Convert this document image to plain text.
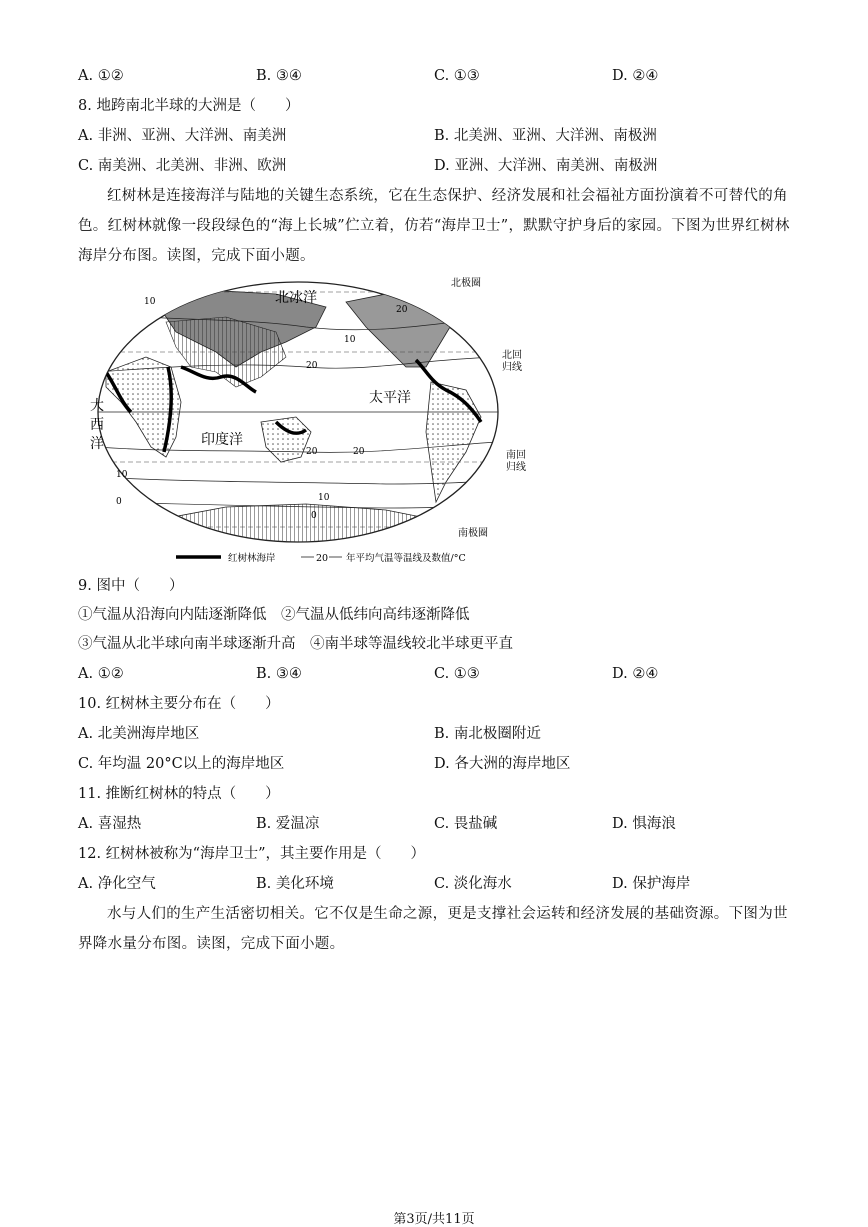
A. ①②	B. ③④	C. ①③	D. ②④
8. 地跨南北半球的大洲是（　　）
A. 非洲、亚洲、大洋洲、南美洲	B. 北美洲、亚洲、大洋洲、南极洲
C. 南美洲、北美洲、非洲、欧洲	D. 亚洲、大洋洲、南美洲、南极洲
红树林是连接海洋与陆地的关键生态系统，它在生态保护、经济发展和社会福祉方面扮演着不可替代的角色。红树林就像一段段绿色的“海上长城”伫立着，仿若“海岸卫士”，默默守护身后的家园。下图为世界红树林海岸分布图。读图，完成下面小题。
北冰洋
北极圈
北回
归线
太平洋
大
西
洋	印度洋
南回
归线
南极圈
10
10
20
20
20
20
10
0
10
0
红树林海岸	20 年平均气温等温线及数值/°C
9. 图中（　　）
①气温从沿海向内陆逐渐降低　②气温从低纬向高纬逐渐降低
③气温从北半球向南半球逐渐升高　④南半球等温线较北半球更平直
A. ①②	B. ③④	C. ①③	D. ②④
10. 红树林主要分布在（　　）
A. 北美洲海岸地区	B. 南北极圈附近
C. 年均温 20°C以上的海岸地区	D. 各大洲的海岸地区
11. 推断红树林的特点（　　）
A. 喜湿热	B. 爱温凉	C. 畏盐碱	D. 惧海浪
12. 红树林被称为“海岸卫士”，其主要作用是（　　）
A. 净化空气	B. 美化环境	C. 淡化海水	D. 保护海岸
水与人们的生产生活密切相关。它不仅是生命之源，更是支撑社会运转和经济发展的基础资源。下图为世界降水量分布图。读图，完成下面小题。
第3页/共11页
